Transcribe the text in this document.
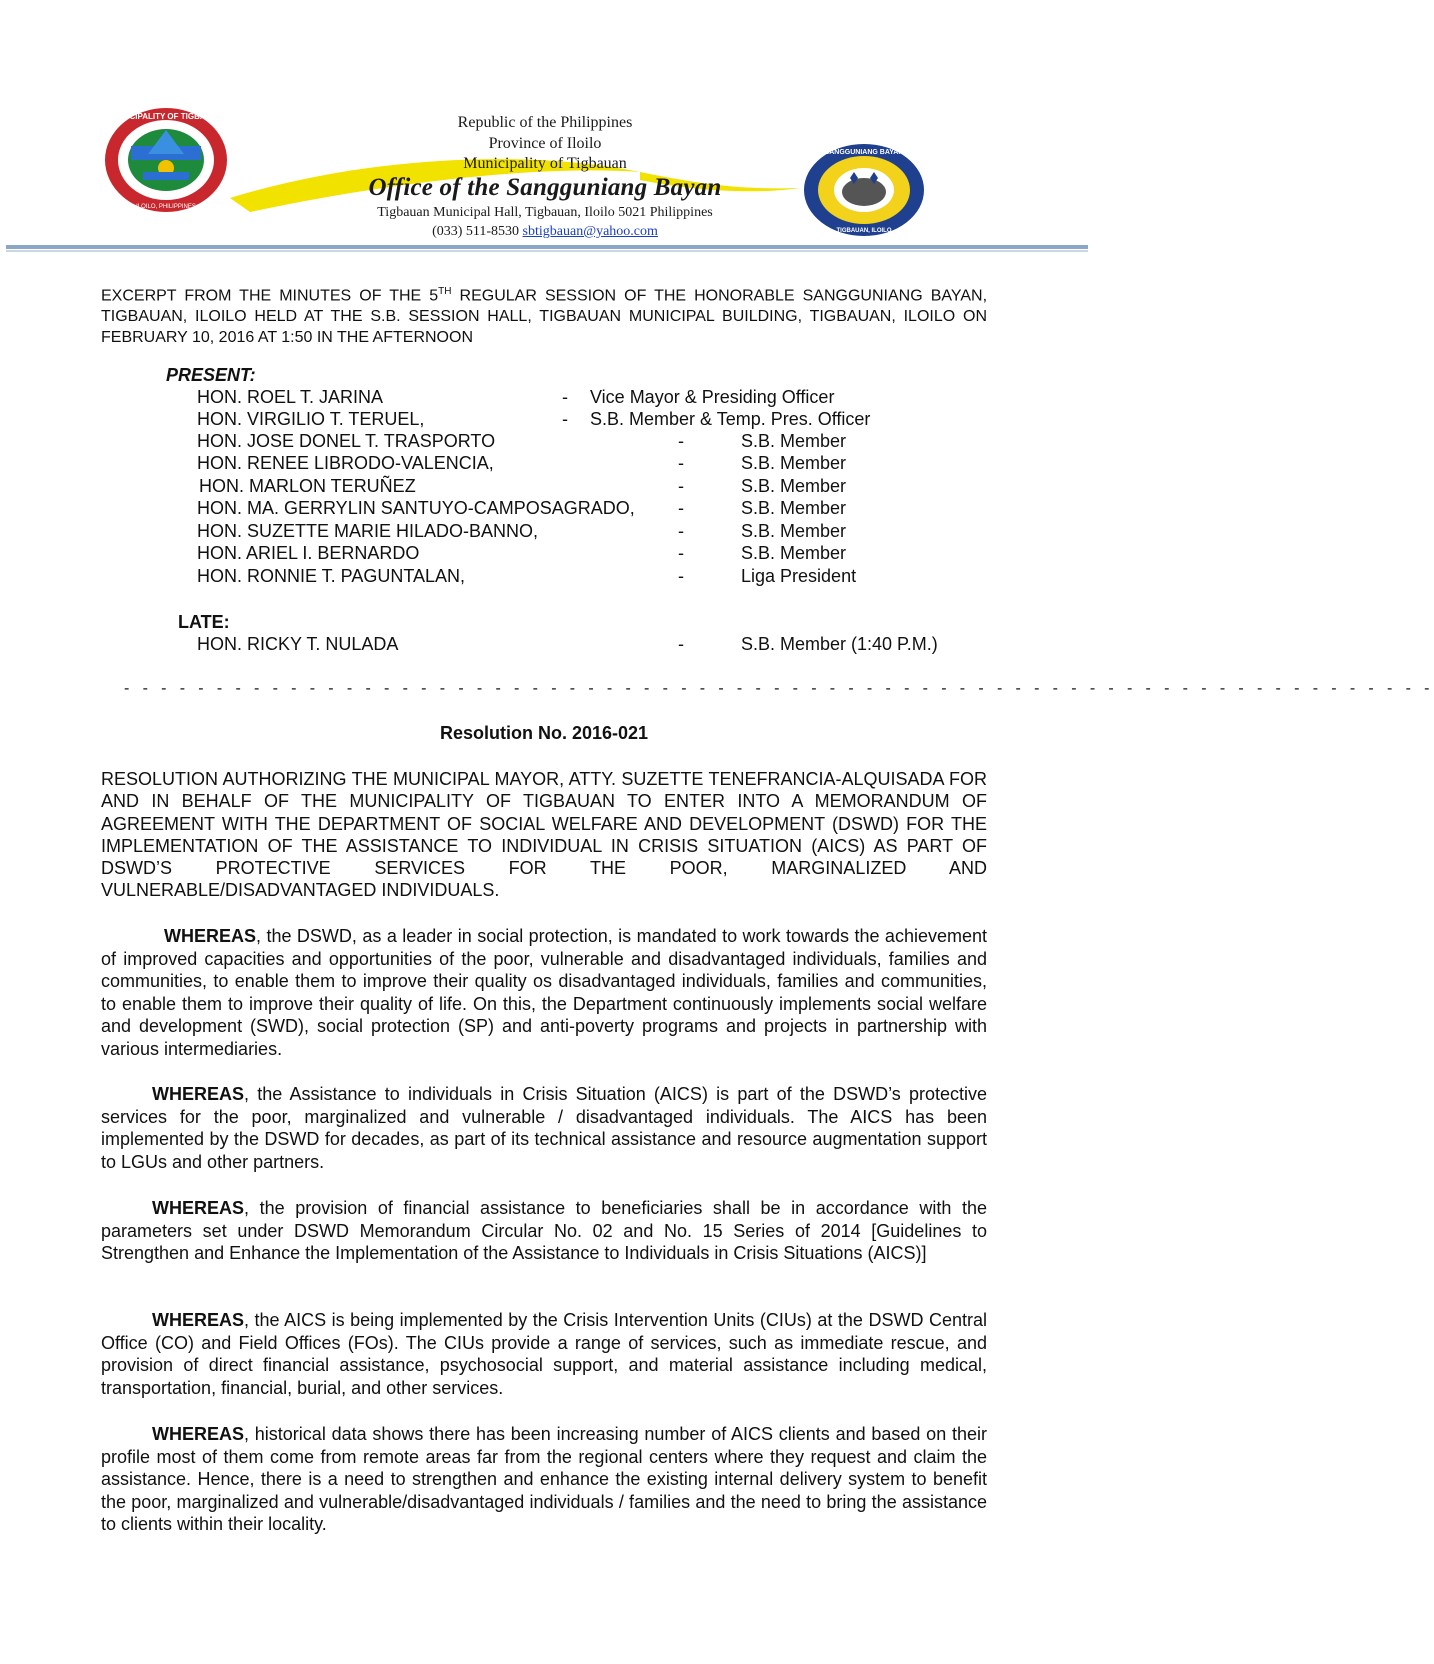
MUNICIPALITY OF TIGBAUAN
ILOILO, PHILIPPINES
SANGGUNIANG BAYAN
TIGBAUAN, ILOILO
Republic of the Philippines
Province of Iloilo
Municipality of Tigbauan
Office of the Sangguniang Bayan
Tigbauan Municipal Hall, Tigbauan, Iloilo 5021 Philippines
(033) 511-8530 sbtigbauan@yahoo.com
EXCERPT FROM THE MINUTES OF THE 5TH REGULAR SESSION OF THE HONORABLE SANGGUNIANG BAYAN, TIGBAUAN, ILOILO HELD AT THE S.B. SESSION HALL, TIGBAUAN MUNICIPAL BUILDING, TIGBAUAN, ILOILO ON FEBRUARY 10, 2016 AT 1:50 IN THE AFTERNOON
PRESENT:
HON. ROEL T. JARINA	- Vice Mayor & Presiding Officer
HON. VIRGILIO T. TERUEL,	- S.B. Member & Temp. Pres. Officer
HON. JOSE DONEL T. TRASPORTO	-	S.B. Member
HON. RENEE LIBRODO-VALENCIA,	-	S.B. Member
HON. MARLON TERUÑEZ	-	S.B. Member
HON. MA. GERRYLIN SANTUYO-CAMPOSAGRADO, -	S.B. Member
HON. SUZETTE MARIE HILADO-BANNO,	-	S.B. Member
HON. ARIEL I. BERNARDO	-	S.B. Member
HON. RONNIE T. PAGUNTALAN,	-	Liga President
LATE:
HON. RICKY T. NULADA	-	S.B. Member (1:40 P.M.)
- - - - - - - - - - - - - - - - - - - - - - - - - - - - - - - - - - - - - - - - - - - - - - - - - - - - - - - - - - - - - - - - - - - - - - -
Resolution No. 2016-021
RESOLUTION AUTHORIZING THE MUNICIPAL MAYOR, ATTY. SUZETTE TENEFRANCIA-ALQUISADA FOR AND IN BEHALF OF THE MUNICIPALITY OF TIGBAUAN TO ENTER INTO A MEMORANDUM OF AGREEMENT WITH THE DEPARTMENT OF SOCIAL WELFARE AND DEVELOPMENT (DSWD) FOR THE IMPLEMENTATION OF THE ASSISTANCE TO INDIVIDUAL IN CRISIS SITUATION (AICS) AS PART OF DSWD’S PROTECTIVE SERVICES FOR THE POOR, MARGINALIZED AND VULNERABLE/DISADVANTAGED INDIVIDUALS.
WHEREAS, the DSWD, as a leader in social protection, is mandated to work towards the achievement of improved capacities and opportunities of the poor, vulnerable and disadvantaged individuals, families and communities, to enable them to improve their quality os disadvantaged individuals, families and communities, to enable them to improve their quality of life. On this, the Department continuously implements social welfare and development (SWD), social protection (SP) and anti-poverty programs and projects in partnership with various intermediaries.
WHEREAS, the Assistance to individuals in Crisis Situation (AICS) is part of the DSWD’s protective services for the poor, marginalized and vulnerable / disadvantaged individuals. The AICS has been implemented by the DSWD for decades, as part of its technical assistance and resource augmentation support to LGUs and other partners.
WHEREAS, the provision of financial assistance to beneficiaries shall be in accordance with the parameters set under DSWD Memorandum Circular No. 02 and No. 15 Series of 2014 [Guidelines to Strengthen and Enhance the Implementation of the Assistance to Individuals in Crisis Situations (AICS)]
WHEREAS, the AICS is being implemented by the Crisis Intervention Units (CIUs) at the DSWD Central Office (CO) and Field Offices (FOs). The CIUs provide a range of services, such as immediate rescue, and provision of direct financial assistance, psychosocial support, and material assistance including medical, transportation, financial, burial, and other services.
WHEREAS, historical data shows there has been increasing number of AICS clients and based on their profile most of them come from remote areas far from the regional centers where they request and claim the assistance. Hence, there is a need to strengthen and enhance the existing internal delivery system to benefit the poor, marginalized and vulnerable/disadvantaged individuals / families and the need to bring the assistance to clients within their locality.
